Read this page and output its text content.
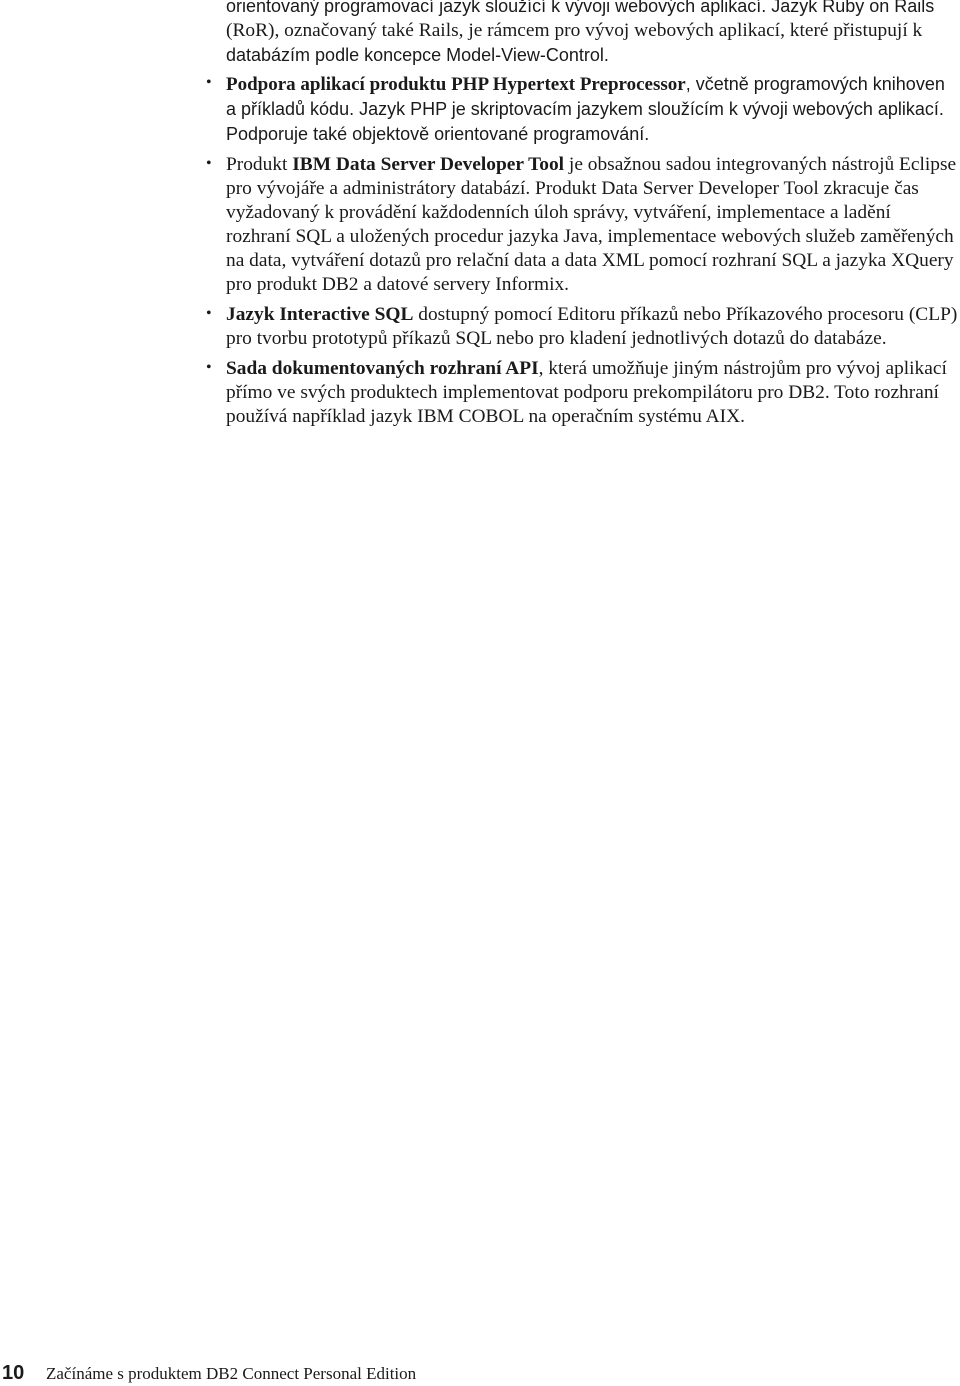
orientovaný programovací jazyk sloužící k vývoji webových aplikací. Jazyk Ruby on Rails
(RoR), označovaný také Rails, je rámcem pro vývoj webových aplikací, které přistupují k
databázím podle koncepce Model-View-Control.

• Podpora aplikací produktu PHP Hypertext Preprocessor, včetně programových knihoven a příkladů kódu. Jazyk PHP je skriptovacím jazykem sloužícím k vývoji webových aplikací. Podporuje také objektově orientované programování.
• Produkt IBM Data Server Developer Tool je obsažnou sadou integrovaných nástrojů Eclipse pro vývojáře a administrátory databází. Produkt Data Server Developer Tool zkracuje čas vyžadovaný k provádění každodenních úloh správy, vytváření, implementace a ladění rozhraní SQL a uložených procedur jazyka Java, implementace webových služeb zaměřených na data, vytváření dotazů pro relační data a data XML pomocí rozhraní SQL a jazyka XQuery pro produkt DB2 a datové servery Informix.
• Jazyk Interactive SQL dostupný pomocí Editoru příkazů nebo Příkazového procesoru (CLP) pro tvorbu prototypů příkazů SQL nebo pro kladení jednotlivých dotazů do databáze.
• Sada dokumentovaných rozhraní API, která umožňuje jiným nástrojům pro vývoj aplikací přímo ve svých produktech implementovat podporu prekompilátoru pro DB2. Toto rozhraní používá například jazyk IBM COBOL na operačním systému AIX.
10 Začínáme s produktem DB2 Connect Personal Edition
